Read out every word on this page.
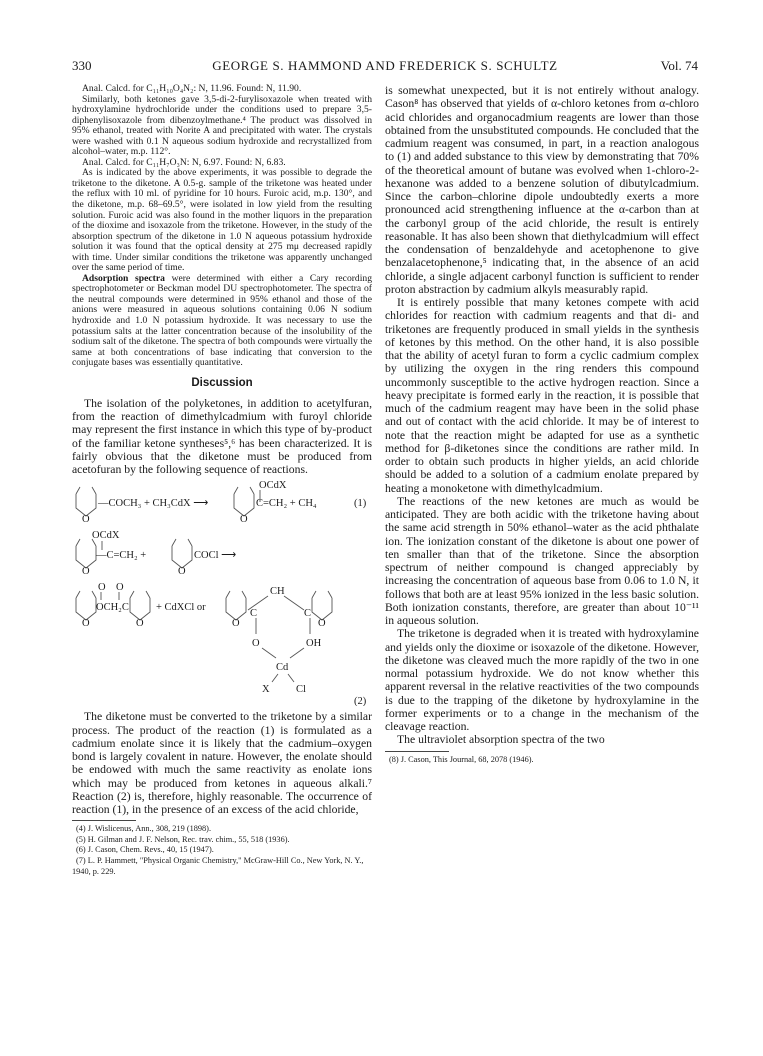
330	GEORGE S. HAMMOND AND FREDERICK S. SCHULTZ	Vol. 74

Anal. Calcd. for C₁₁H₁₀O₄N₂: N, 11.96. Found: N, 11.90.

Similarly, both ketones gave 3,5-di-2-furylisoxazole when treated with hydroxylamine hydrochloride under the conditions used to prepare 3,5-diphenylisoxazole from dibenzoylmethane.⁴ The product was dissolved in 95% ethanol, treated with Norite A and precipitated with water. The crystals were washed with 0.1 N aqueous sodium hydroxide and recrystallized from alcohol–water, m.p. 112°.

Anal. Calcd. for C₁₁H₇O₃N: N, 6.97. Found: N, 6.83.

As is indicated by the above experiments, it was possible to degrade the triketone to the diketone. A 0.5-g. sample of the triketone was heated under the reflux with 10 ml. of pyridine for 10 hours. Furoic acid, m.p. 130°, and the diketone, m.p. 68–69.5°, were isolated in low yield from the resulting solution. Furoic acid was also found in the mother liquors in the preparation of the dioxime and isoxazole from the triketone. However, in the study of the absorption spectrum of the diketone in 1.0 N aqueous potassium hydroxide solution it was found that the optical density at 275 mμ decreased rapidly with time. Under similar conditions the triketone was apparently unchanged over the same period of time.

Adsorption spectra were determined with either a Cary recording spectrophotometer or Beckman model DU spectrophotometer. The spectra of the neutral compounds were determined in 95% ethanol and those of the anions were measured in aqueous solutions containing 0.06 N sodium hydroxide and 1.0 N potassium hydroxide. It was necessary to use the potassium salts at the latter concentration because of the insolubility of the sodium salt of the diketone. The spectra of both compounds were virtually the same at both concentrations of base indicating that conversion to the conjugate bases was essentially quantitative.

Discussion

The isolation of the polyketones, in addition to acetylfuran, from the reaction of dimethylcadmium with furoyl chloride may represent the first instance in which this type of by-product of the familiar ketone syntheses⁵,⁶ has been characterized. It is fairly obvious that the diketone must be produced from acetofuran by the following sequence of reactions.

O
—COCH₃ + CH₃CdX ⟶
O
OCdX
C=CH₂ + CH₄	(1)
OCdX
O
—C=CH₂ +
O
COCl ⟶
O O
O
OCH₂C
O
+ CdXCl or
O	O
CH
C	C
O	OH
Cd
X	Cl
(2)

The diketone must be converted to the triketone by a similar process. The product of the reaction (1) is formulated as a cadmium enolate since it is likely that the cadmium–oxygen bond is largely covalent in nature. However, the enolate should be endowed with much the same reactivity as enolate ions which may be produced from ketones in aqueous alkali.⁷ Reaction (2) is, therefore, highly reasonable. The occurrence of reaction (1), in the presence of an excess of the acid chloride,

(4) J. Wislicenus, Ann., 308, 219 (1898).
(5) H. Gilman and J. F. Nelson, Rec. trav. chim., 55, 518 (1936).
(6) J. Cason, Chem. Revs., 40, 15 (1947).
(7) L. P. Hammett, "Physical Organic Chemistry," McGraw-Hill Co., New York, N. Y., 1940, p. 229.

is somewhat unexpected, but it is not entirely without analogy. Cason⁸ has observed that yields of α-chloro ketones from α-chloro acid chlorides and organocadmium reagents are lower than those obtained from the unsubstituted compounds. He concluded that the cadmium reagent was consumed, in part, in a reaction analogous to (1) and added substance to this view by demonstrating that 70% of the theoretical amount of butane was evolved when 1-chloro-2-hexanone was added to a benzene solution of dibutylcadmium. Since the carbon–chlorine dipole undoubtedly exerts a more pronounced acid strengthening influence at the α-carbon than at the carbonyl group of the acid chloride, the result is entirely reasonable. It has also been shown that diethylcadmium will effect the condensation of benzaldehyde and acetophenone to give benzalacetophenone,⁵ indicating that, in the absence of an acid chloride, a single adjacent carbonyl function is sufficient to render proton abstraction by cadmium alkyls measurably rapid.

It is entirely possible that many ketones compete with acid chlorides for reaction with cadmium reagents and that di- and triketones are frequently produced in small yields in the synthesis of ketones by this method. On the other hand, it is also possible that the ability of acetyl furan to form a cyclic cadmium complex by utilizing the oxygen in the ring renders this compound uncommonly susceptible to the active hydrogen reaction. Since a heavy precipitate is formed early in the reaction, it is possible that much of the cadmium reagent may have been in the solid phase and out of contact with the acid chloride. It may be of interest to note that the reaction might be adapted for use as a synthetic method for β-diketones since the conditions are rather mild. In order to obtain such products in higher yields, an acid chloride should be added to a solution of a cadmium enolate prepared by heating a monoketone with dimethylcadmium.

The reactions of the new ketones are much as would be anticipated. They are both acidic with the triketone having about the same acid strength in 50% ethanol–water as the acid phthalate ion. The ionization constant of the diketone is about one power of ten smaller than that of the triketone. Since the absorption spectrum of neither compound is changed appreciably by increasing the concentration of aqueous base from 0.06 to 1.0 N, it follows that both are at least 95% ionized in the less basic solution. Both ionization constants, therefore, are greater than about 10⁻¹¹ in aqueous solution.

The triketone is degraded when it is treated with hydroxylamine and yields only the dioxime or isoxazole of the diketone. However, the diketone was cleaved much the more rapidly of the two in one normal potassium hydroxide. We do not know whether this apparent reversal in the relative reactivities of the two compounds is due to the trapping of the diketone by hydroxylamine in the former experiments or to a change in the mechanism of the cleavage reaction.

The ultraviolet absorption spectra of the two

(8) J. Cason, This Journal, 68, 2078 (1946).
